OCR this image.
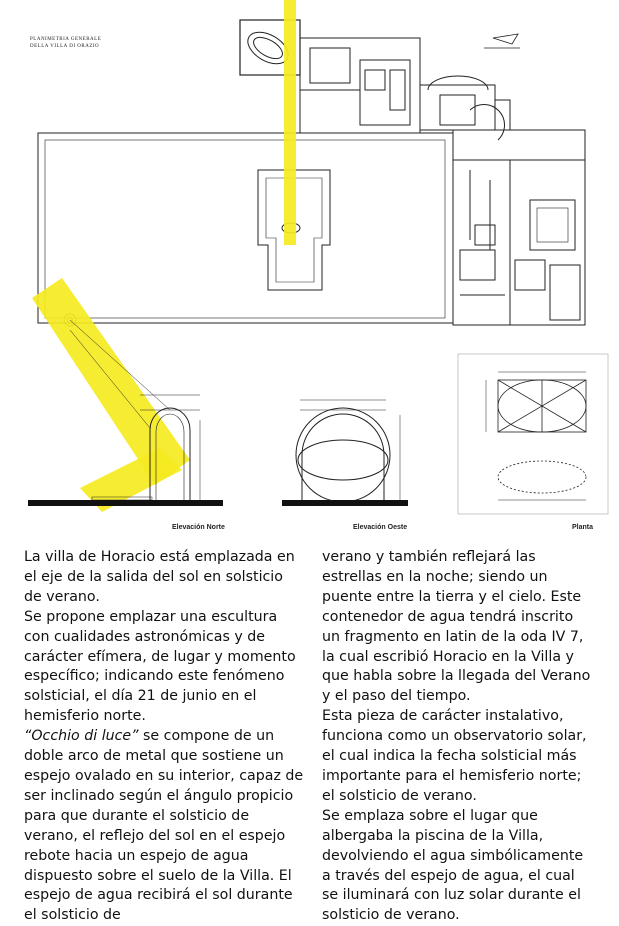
PLANIMETRIA GENERALE
DELLA VILLA DI ORAZIO
Elevación Norte	Elevación Oeste	Planta

La villa de Horacio está emplazada en el eje de la salida del sol en solsticio de verano.

Se propone emplazar una escultura con cualidades astronómicas y de carácter efímera, de lugar y momento específico; indicando este fenómeno solsticial, el día 21 de junio en el hemisferio norte.

“Occhio di luce” se compone de un doble arco de metal que sostiene un espejo ovalado en su interior, capaz de ser inclinado según el ángulo propicio para que durante el solsticio de verano, el reflejo del sol en el espejo rebote hacia un espejo de agua dispuesto sobre el suelo de la Villa. El espejo de agua recibirá el sol durante el solsticio de

verano y también reflejará las estrellas en la noche; siendo un puente entre la tierra y el cielo. Este contenedor de agua tendrá inscrito un fragmento en latin de la oda IV 7, la cual escribió Horacio en la Villa y que habla sobre la llegada del Verano y el paso del tiempo.

Esta pieza de carácter instalativo, funciona como un observatorio solar, el cual indica la fecha solsticial más importante para el hemisferio norte; el solsticio de verano.

Se emplaza sobre el lugar que albergaba la piscina de la Villa, devolviendo el agua simbólicamente a través del espejo de agua, el cual se iluminará con luz solar durante el solsticio de verano.
